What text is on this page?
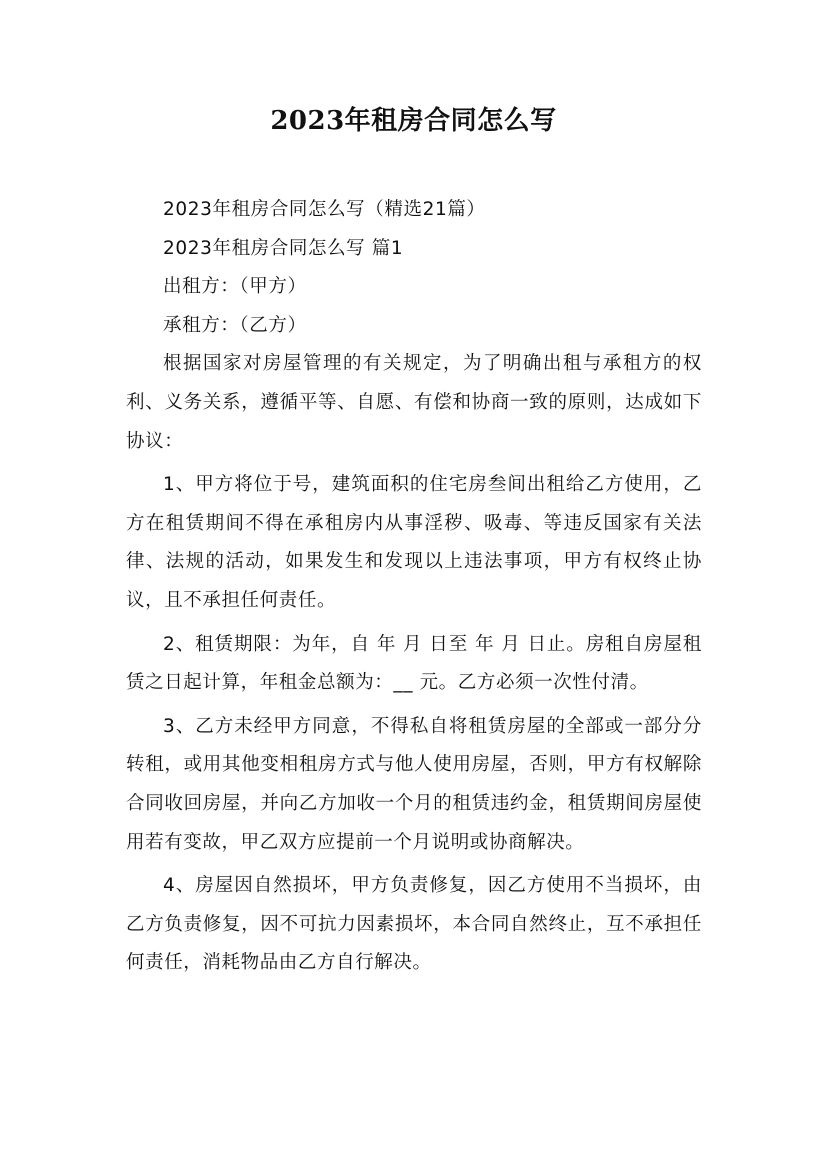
2023年租房合同怎么写

2023年租房合同怎么写（精选21篇）

2023年租房合同怎么写 篇1

出租方：（甲方）

承租方：（乙方）

根据国家对房屋管理的有关规定，为了明确出租与承租方的权利、义务关系，遵循平等、自愿、有偿和协商一致的原则，达成如下协议：

1、甲方将位于号，建筑面积的住宅房叁间出租给乙方使用，乙方在租赁期间不得在承租房内从事淫秽、吸毒、等违反国家有关法律、法规的活动，如果发生和发现以上违法事项，甲方有权终止协议，且不承担任何责任。

2、租赁期限：为年，自 年 月 日至 年 月 日止。房租自房屋租赁之日起计算，年租金总额为：__ 元。乙方必须一次性付清。

3、乙方未经甲方同意，不得私自将租赁房屋的全部或一部分分转租，或用其他变相租房方式与他人使用房屋，否则，甲方有权解除合同收回房屋，并向乙方加收一个月的租赁违约金，租赁期间房屋使用若有变故，甲乙双方应提前一个月说明或协商解决。

4、房屋因自然损坏，甲方负责修复，因乙方使用不当损坏，由乙方负责修复，因不可抗力因素损坏，本合同自然终止，互不承担任何责任，消耗物品由乙方自行解决。
